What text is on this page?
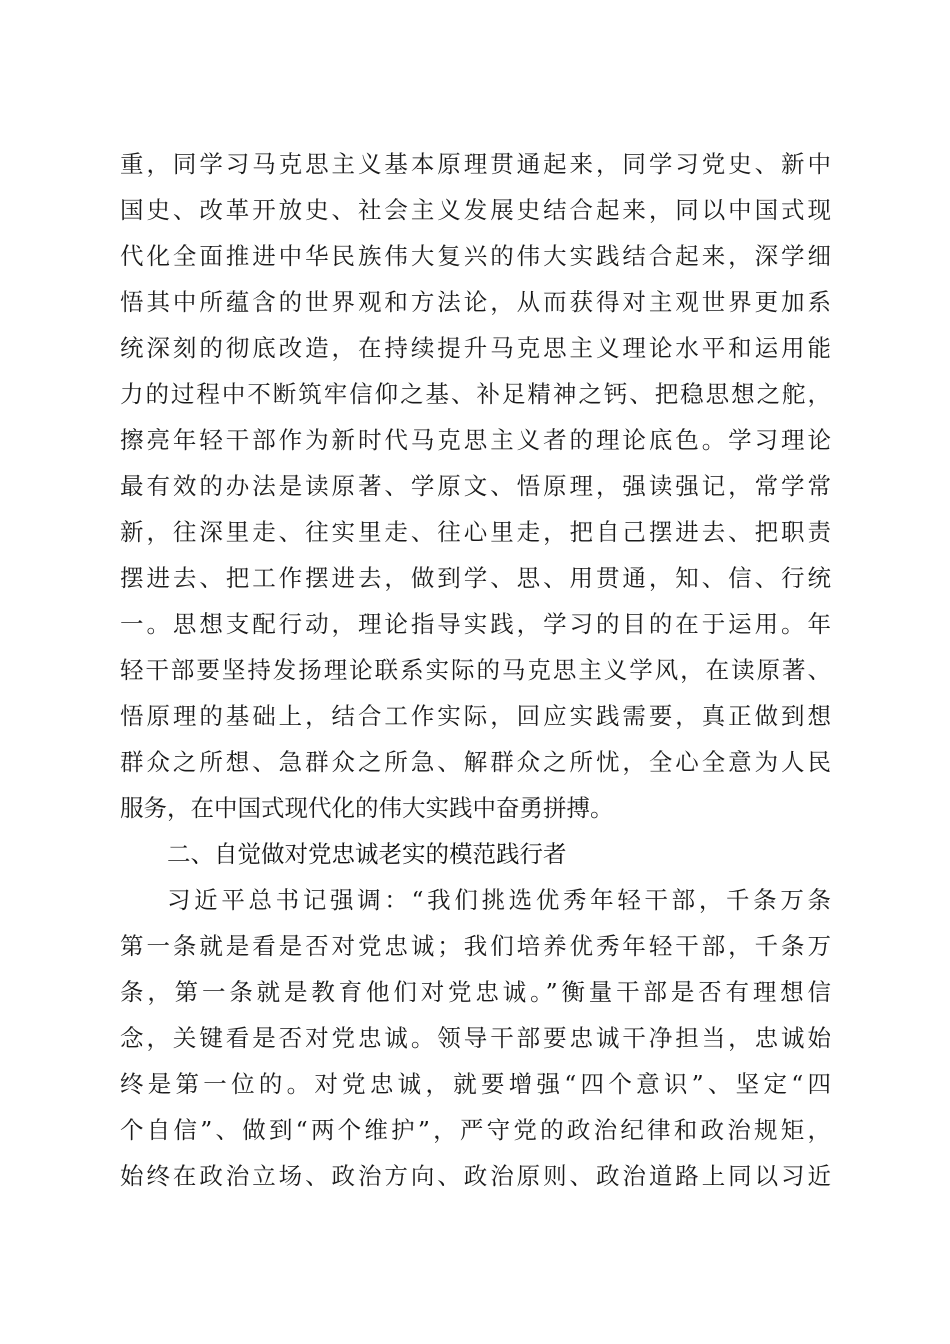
重，同学习马克思主义基本原理贯通起来，同学习党史、新中
国史、改革开放史、社会主义发展史结合起来，同以中国式现
代化全面推进中华民族伟大复兴的伟大实践结合起来，深学细
悟其中所蕴含的世界观和方法论，从而获得对主观世界更加系
统深刻的彻底改造，在持续提升马克思主义理论水平和运用能
力的过程中不断筑牢信仰之基、补足精神之钙、把稳思想之舵，
擦亮年轻干部作为新时代马克思主义者的理论底色。学习理论
最有效的办法是读原著、学原文、悟原理，强读强记，常学常
新，往深里走、往实里走、往心里走，把自己摆进去、把职责
摆进去、把工作摆进去，做到学、思、用贯通，知、信、行统
一。思想支配行动，理论指导实践，学习的目的在于运用。年
轻干部要坚持发扬理论联系实际的马克思主义学风，在读原著、
悟原理的基础上，结合工作实际，回应实践需要，真正做到想
群众之所想、急群众之所急、解群众之所忧，全心全意为人民
服务，在中国式现代化的伟大实践中奋勇拼搏。
二、自觉做对党忠诚老实的模范践行者
习近平总书记强调：“我们挑选优秀年轻干部，千条万条
第一条就是看是否对党忠诚；我们培养优秀年轻干部，千条万
条，第一条就是教育他们对党忠诚。”衡量干部是否有理想信
念，关键看是否对党忠诚。领导干部要忠诚干净担当，忠诚始
终是第一位的。对党忠诚，就要增强“四个意识”、坚定“四
个自信”、做到“两个维护”，严守党的政治纪律和政治规矩，
始终在政治立场、政治方向、政治原则、政治道路上同以习近
